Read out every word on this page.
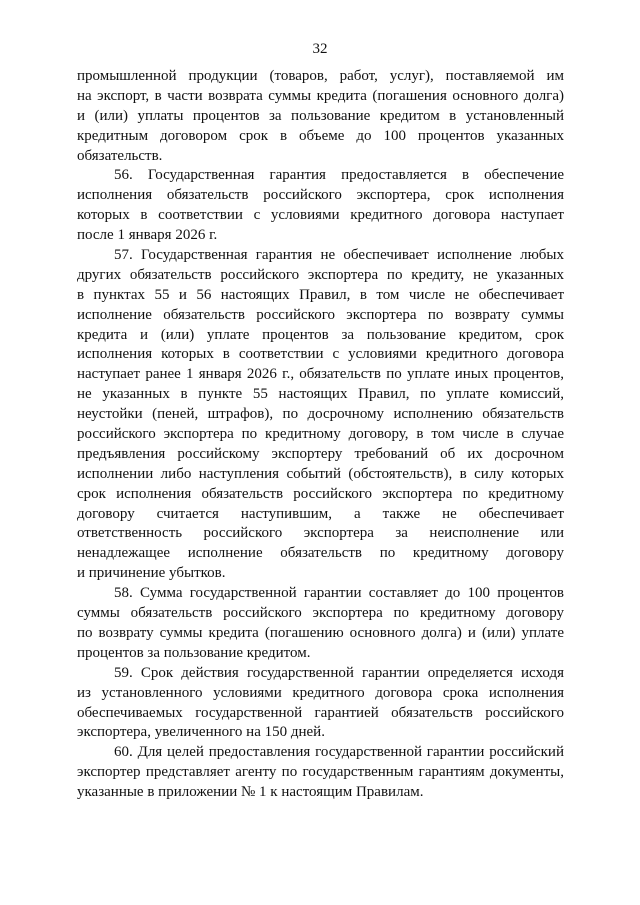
32
промышленной продукции (товаров, работ, услуг), поставляемой им
на экспорт, в части возврата суммы кредита (погашения основного долга)
и (или) уплаты процентов за пользование кредитом в установленный
кредитным договором срок в объеме до 100 процентов указанных
обязательств.
56. Государственная гарантия предоставляется в обеспечение
исполнения обязательств российского экспортера, срок исполнения
которых в соответствии с условиями кредитного договора наступает
после 1 января 2026 г.
57. Государственная гарантия не обеспечивает исполнение любых
других обязательств российского экспортера по кредиту, не указанных
в пунктах 55 и 56 настоящих Правил, в том числе не обеспечивает
исполнение обязательств российского экспортера по возврату суммы
кредита и (или) уплате процентов за пользование кредитом, срок
исполнения которых в соответствии с условиями кредитного договора
наступает ранее 1 января 2026 г., обязательств по уплате иных процентов,
не указанных в пункте 55 настоящих Правил, по уплате комиссий,
неустойки (пеней, штрафов), по досрочному исполнению обязательств
российского экспортера по кредитному договору, в том числе в случае
предъявления российскому экспортеру требований об их досрочном
исполнении либо наступления событий (обстоятельств), в силу которых
срок исполнения обязательств российского экспортера по кредитному
договору считается наступившим, а также не обеспечивает
ответственность российского экспортера за неисполнение или
ненадлежащее исполнение обязательств по кредитному договору
и причинение убытков.
58. Сумма государственной гарантии составляет до 100 процентов
суммы обязательств российского экспортера по кредитному договору
по возврату суммы кредита (погашению основного долга) и (или) уплате
процентов за пользование кредитом.
59. Срок действия государственной гарантии определяется исходя
из установленного условиями кредитного договора срока исполнения
обеспечиваемых государственной гарантией обязательств российского
экспортера, увеличенного на 150 дней.
60. Для целей предоставления государственной гарантии российский
экспортер представляет агенту по государственным гарантиям документы,
указанные в приложении № 1 к настоящим Правилам.
